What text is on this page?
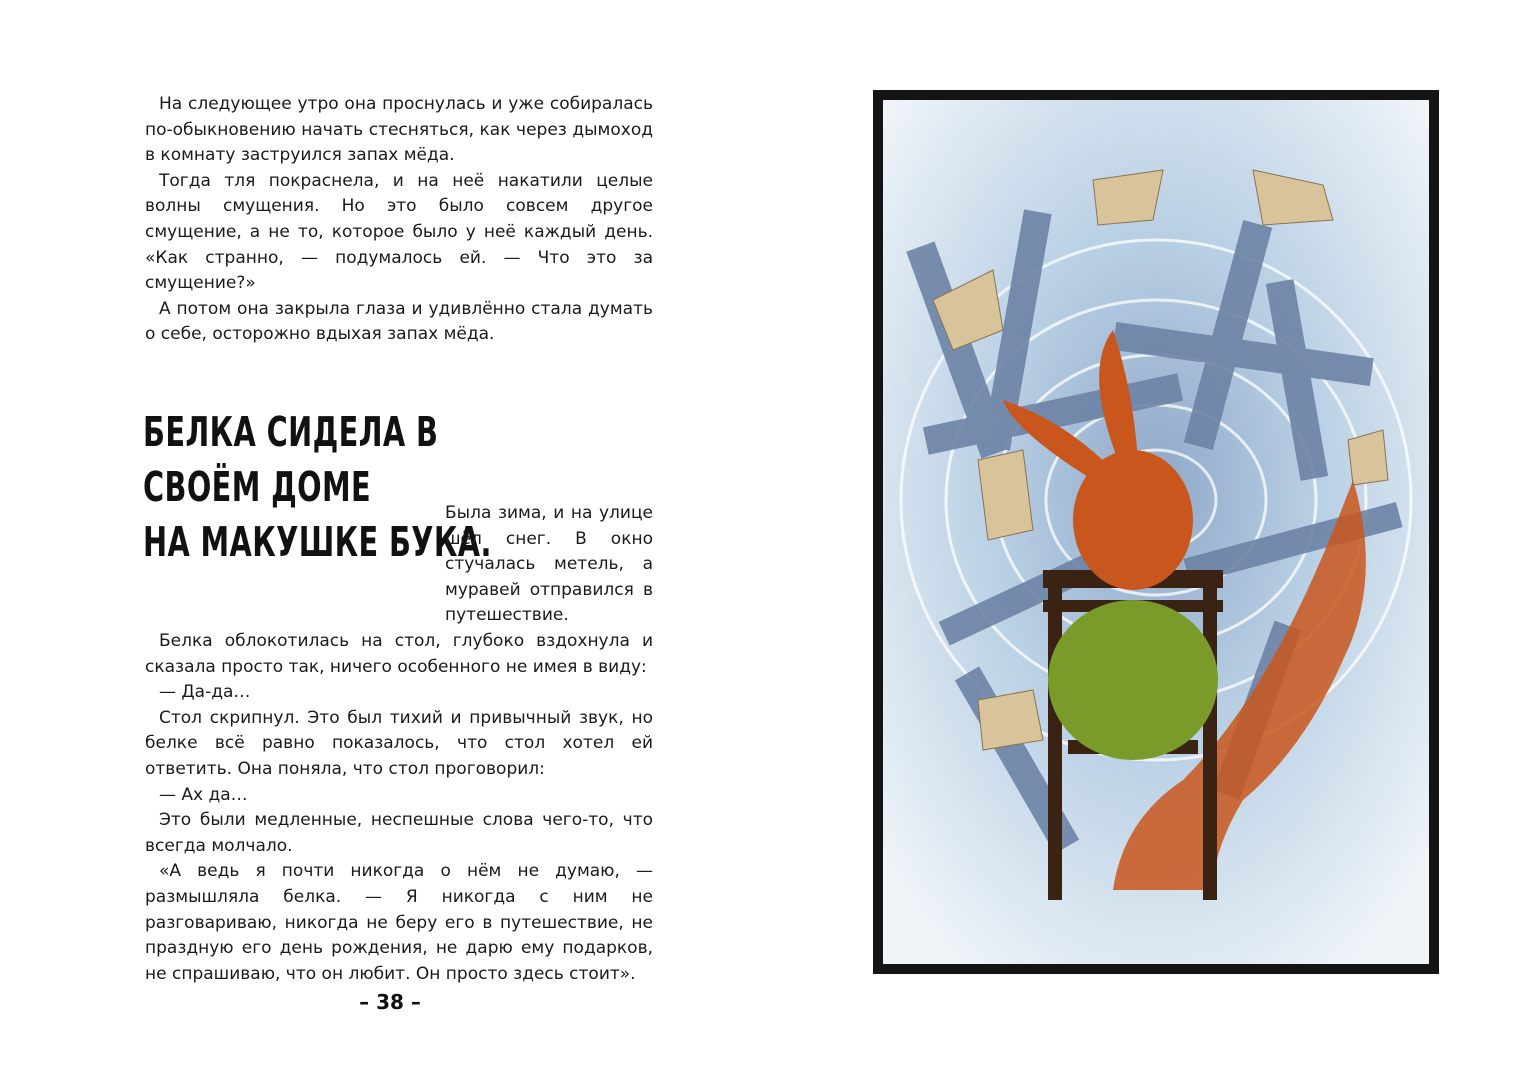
На следующее утро она проснулась и уже собиралась по-обыкновению начать стесняться, как через дымоход в комнату заструился запах мёда.

Тогда тля покраснела, и на неё накатили целые волны смущения. Но это было совсем другое смущение, а не то, которое было у неё каждый день. «Как странно, — подумалось ей. — Что это за смущение?»

А потом она закрыла глаза и удивлённо стала думать о себе, осторожно вдыхая запах мёда.

БЕЛКА СИДЕЛА В СВОЁМ ДОМЕ
НА МАКУШКЕ БУКА.

Была зима, и на улице шёл снег. В окно стучалась метель, а муравей отправился в путешествие.

Белка облокотилась на стол, глубоко вздохнула и сказала просто так, ничего особенного не имея в виду:

— Да-да…

Стол скрипнул. Это был тихий и привычный звук, но белке всё равно показалось, что стол хотел ей ответить. Она поняла, что стол проговорил:

— Ах да…

Это были медленные, неспешные слова чего-то, что всегда молчало.

«А ведь я почти никогда о нём не думаю, — размышляла белка. — Я никогда с ним не разговариваю, никогда не беру его в путешествие, не праздную его день рождения, не дарю ему подарков, не спрашиваю, что он любит. Он просто здесь стоит».

– 38 –
